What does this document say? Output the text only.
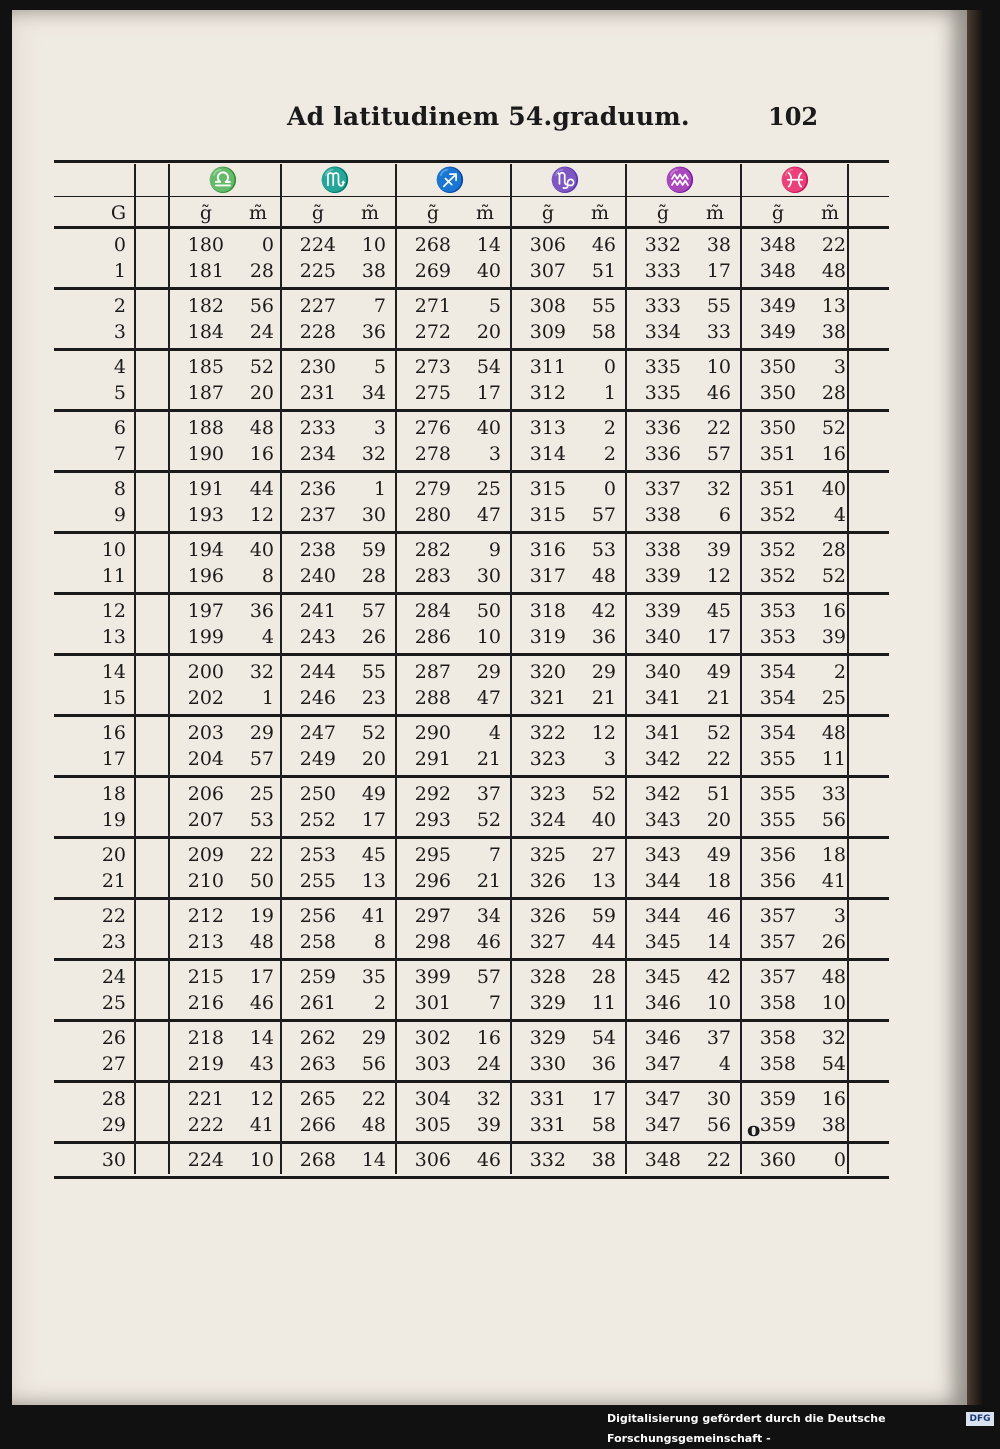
Ad latitudinem 54.graduum.	102
♎	♏	♐	♑	♒	♓
G	g̃	m̃	g̃	m̃	g̃	m̃	g̃	m̃	g̃	m̃	g̃	m̃
0	180	0	224	10	268	14	306	46	332	38	348	22
1	181	28	225	38	269	40	307	51	333	17	348	48
2	182	56	227	7	271	5	308	55	333	55	349	13
3	184	24	228	36	272	20	309	58	334	33	349	38
4	185	52	230	5	273	54	311	0	335	10	350	3
5	187	20	231	34	275	17	312	1	335	46	350	28
6	188	48	233	3	276	40	313	2	336	22	350	52
7	190	16	234	32	278	3	314	2	336	57	351	16
8	191	44	236	1	279	25	315	0	337	32	351	40
9	193	12	237	30	280	47	315	57	338	6	352	4
10	194	40	238	59	282	9	316	53	338	39	352	28
11	196	8	240	28	283	30	317	48	339	12	352	52
12	197	36	241	57	284	50	318	42	339	45	353	16
13	199	4	243	26	286	10	319	36	340	17	353	39
14	200	32	244	55	287	29	320	29	340	49	354	2
15	202	1	246	23	288	47	321	21	341	21	354	25
16	203	29	247	52	290	4	322	12	341	52	354	48
17	204	57	249	20	291	21	323	3	342	22	355	11
18	206	25	250	49	292	37	323	52	342	51	355	33
19	207	53	252	17	293	52	324	40	343	20	355	56
20	209	22	253	45	295	7	325	27	343	49	356	18
21	210	50	255	13	296	21	326	13	344	18	356	41
22	212	19	256	41	297	34	326	59	344	46	357	3
23	213	48	258	8	298	46	327	44	345	14	357	26
24	215	17	259	35	399	57	328	28	345	42	357	48
25	216	46	261	2	301	7	329	11	346	10	358	10
26	218	14	262	29	302	16	329	54	346	37	358	32
27	219	43	263	56	303	24	330	36	347	4	358	54
28	221	12	265	22	304	32	331	17	347	30	359	16
29	222	41	266	48	305	39	331	58	347	56	359	38
30	224	10	268	14	306	46	332	38	348	22	360	0
o
Digitalisierung gefördert durch die Deutsche Forschungsgemeinschaft -
DFG
